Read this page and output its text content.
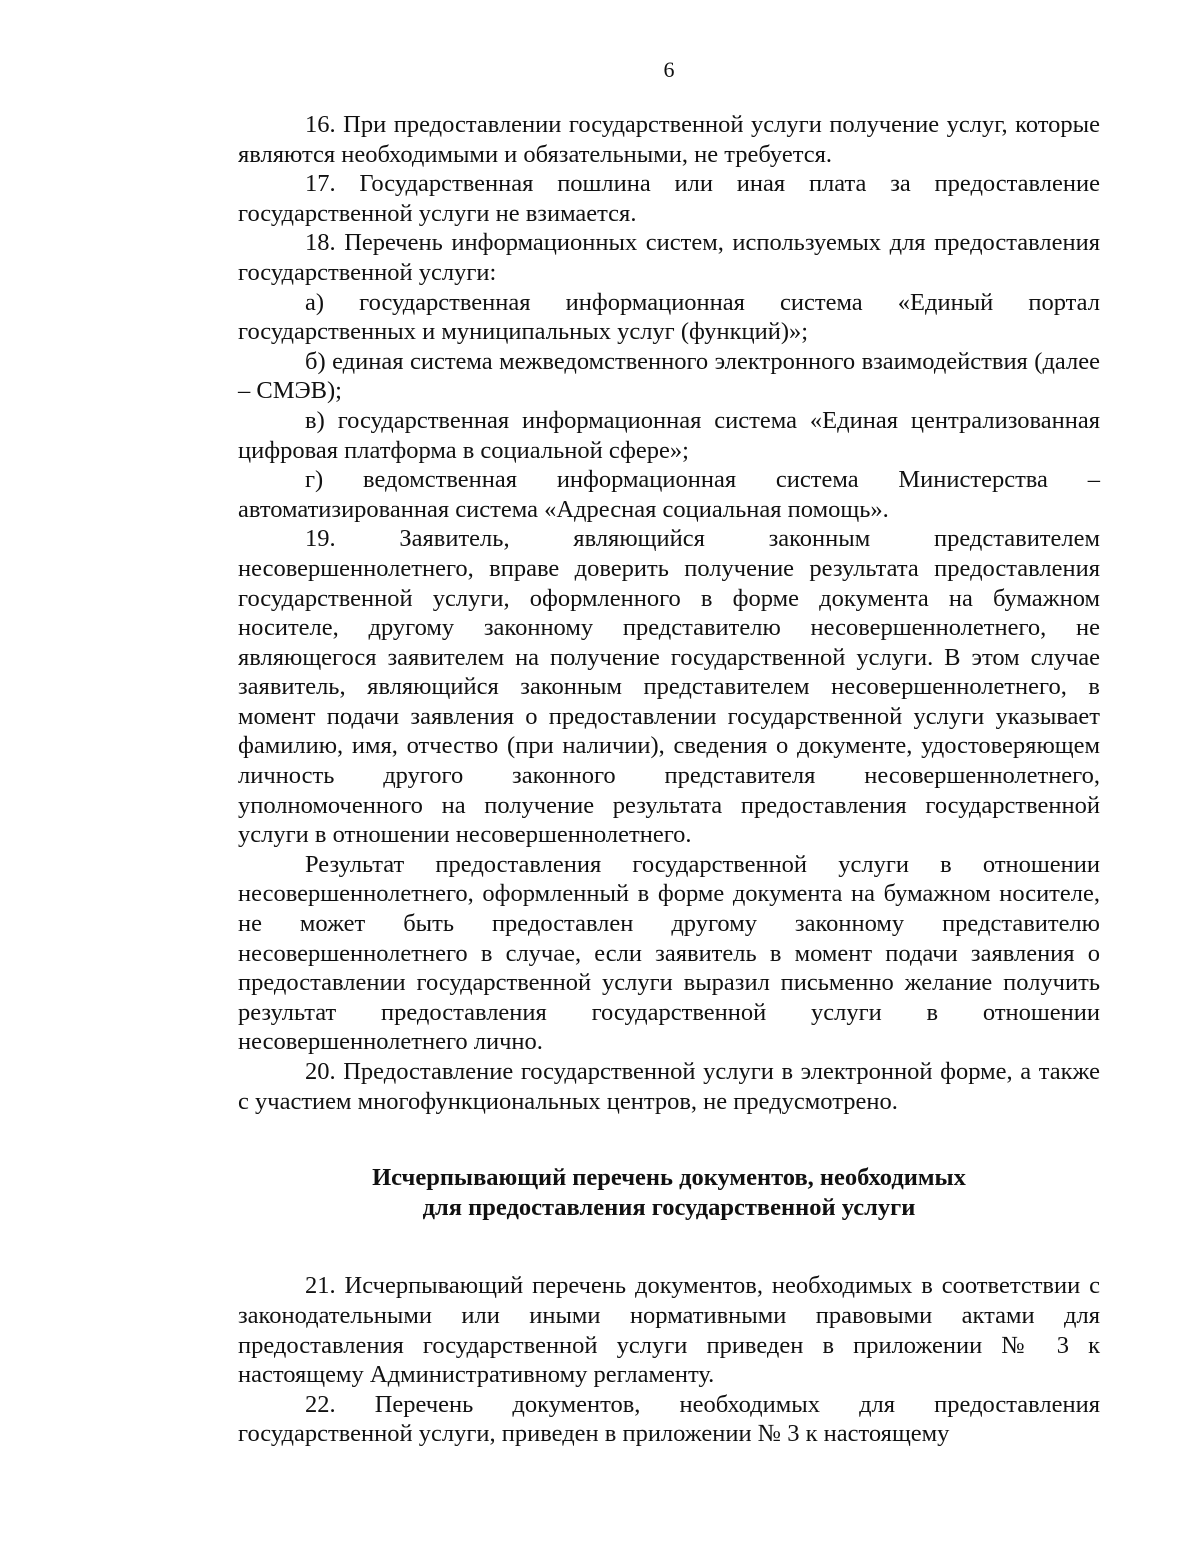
6

16. При предоставлении государственной услуги получение услуг, которые являются необходимыми и обязательными, не требуется.

17. Государственная пошлина или иная плата за предоставление государственной услуги не взимается.

18. Перечень информационных систем, используемых для предоставления государственной услуги:

а) государственная информационная система «Единый портал государственных и муниципальных услуг (функций)»;

б) единая система межведомственного электронного взаимодействия (далее – СМЭВ);

в) государственная информационная система «Единая централизованная цифровая платформа в социальной сфере»;

г) ведомственная информационная система Министерства – автоматизированная система «Адресная социальная помощь».

19. Заявитель, являющийся законным представителем несовершеннолетнего, вправе доверить получение результата предоставления государственной услуги, оформленного в форме документа на бумажном носителе, другому законному представителю несовершеннолетнего, не являющегося заявителем на получение государственной услуги. В этом случае заявитель, являющийся законным представителем несовершеннолетнего, в момент подачи заявления о предоставлении государственной услуги указывает фамилию, имя, отчество (при наличии), сведения о документе, удостоверяющем личность другого законного представителя несовершеннолетнего, уполномоченного на получение результата предоставления государственной услуги в отношении несовершеннолетнего.

Результат предоставления государственной услуги в отношении несовершеннолетнего, оформленный в форме документа на бумажном носителе, не может быть предоставлен другому законному представителю несовершеннолетнего в случае, если заявитель в момент подачи заявления о предоставлении государственной услуги выразил письменно желание получить результат предоставления государственной услуги в отношении несовершеннолетнего лично.

20. Предоставление государственной услуги в электронной форме, а также с участием многофункциональных центров, не предусмотрено.

Исчерпывающий перечень документов, необходимых
для предоставления государственной услуги

21. Исчерпывающий перечень документов, необходимых в соответствии с законодательными или иными нормативными правовыми актами для предоставления государственной услуги приведен в приложении № 3 к настоящему Административному регламенту.

22. Перечень документов, необходимых для предоставления государственной услуги, приведен в приложении № 3 к настоящему
